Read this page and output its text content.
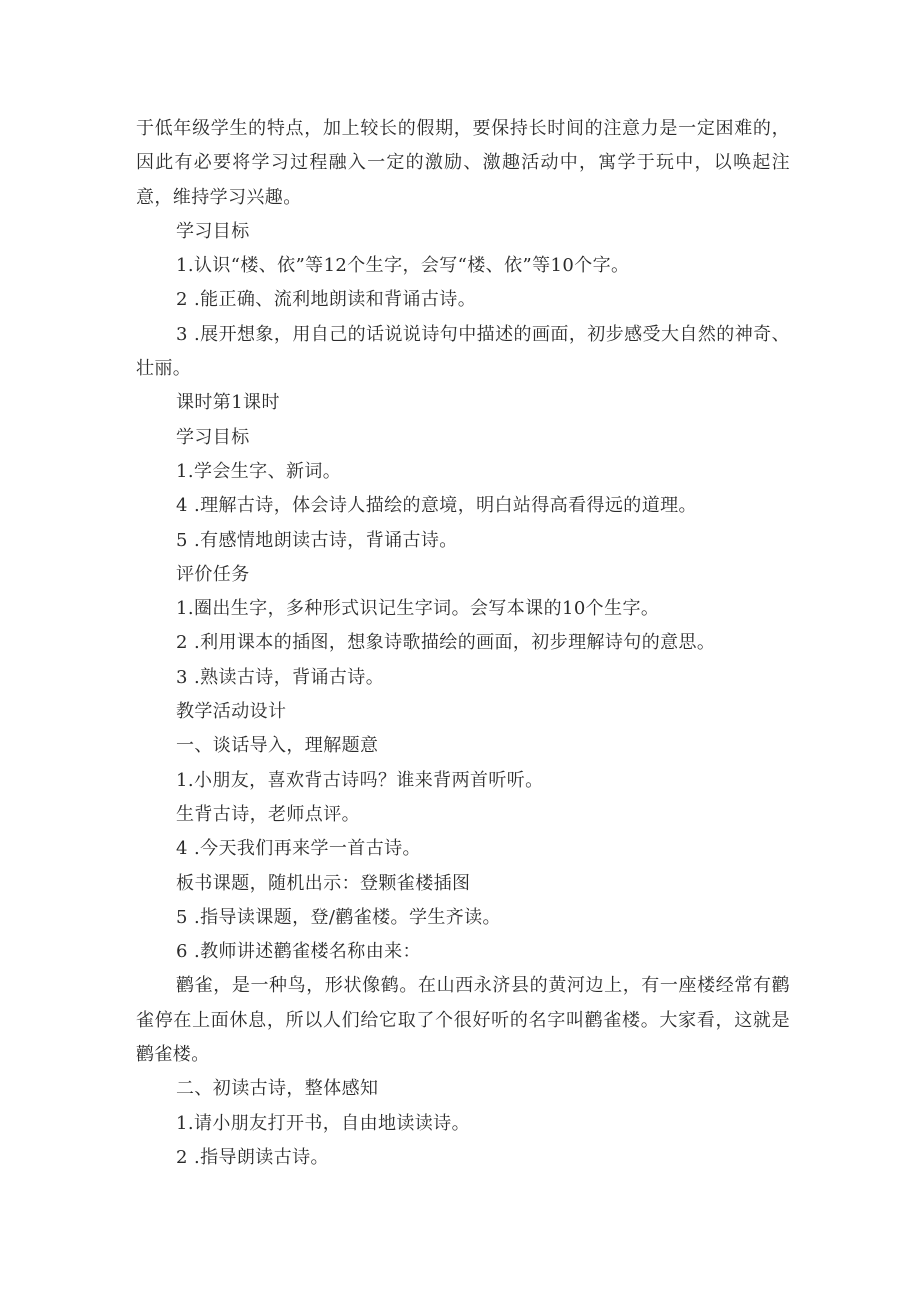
于低年级学生的特点，加上较长的假期，要保持长时间的注意力是一定困难的，因此有必要将学习过程融入一定的激励、激趣活动中，寓学于玩中，以唤起注意，维持学习兴趣。

学习目标

1.认识“楼、依”等12个生字，会写“楼、依”等10个字。

2 .能正确、流利地朗读和背诵古诗。

3 .展开想象，用自己的话说说诗句中描述的画面，初步感受大自然的神奇、壮丽。

课时第1课时

学习目标

1.学会生字、新词。

4 .理解古诗，体会诗人描绘的意境，明白站得高看得远的道理。

5 .有感情地朗读古诗，背诵古诗。

评价任务

1.圈出生字，多种形式识记生字词。会写本课的10个生字。

2 .利用课本的插图，想象诗歌描绘的画面，初步理解诗句的意思。

3 .熟读古诗，背诵古诗。

教学活动设计

一、谈话导入，理解题意

1.小朋友，喜欢背古诗吗？谁来背两首听听。

生背古诗，老师点评。

4 .今天我们再来学一首古诗。

板书课题，随机出示：登颗雀楼插图

5 .指导读课题，登/鹳雀楼。学生齐读。

6 .教师讲述鹳雀楼名称由来：

鹳雀，是一种鸟，形状像鹤。在山西永济县的黄河边上，有一座楼经常有鹳雀停在上面休息，所以人们给它取了个很好听的名字叫鹳雀楼。大家看，这就是鹳雀楼。

二、初读古诗，整体感知

1.请小朋友打开书，自由地读读诗。

2 .指导朗读古诗。
